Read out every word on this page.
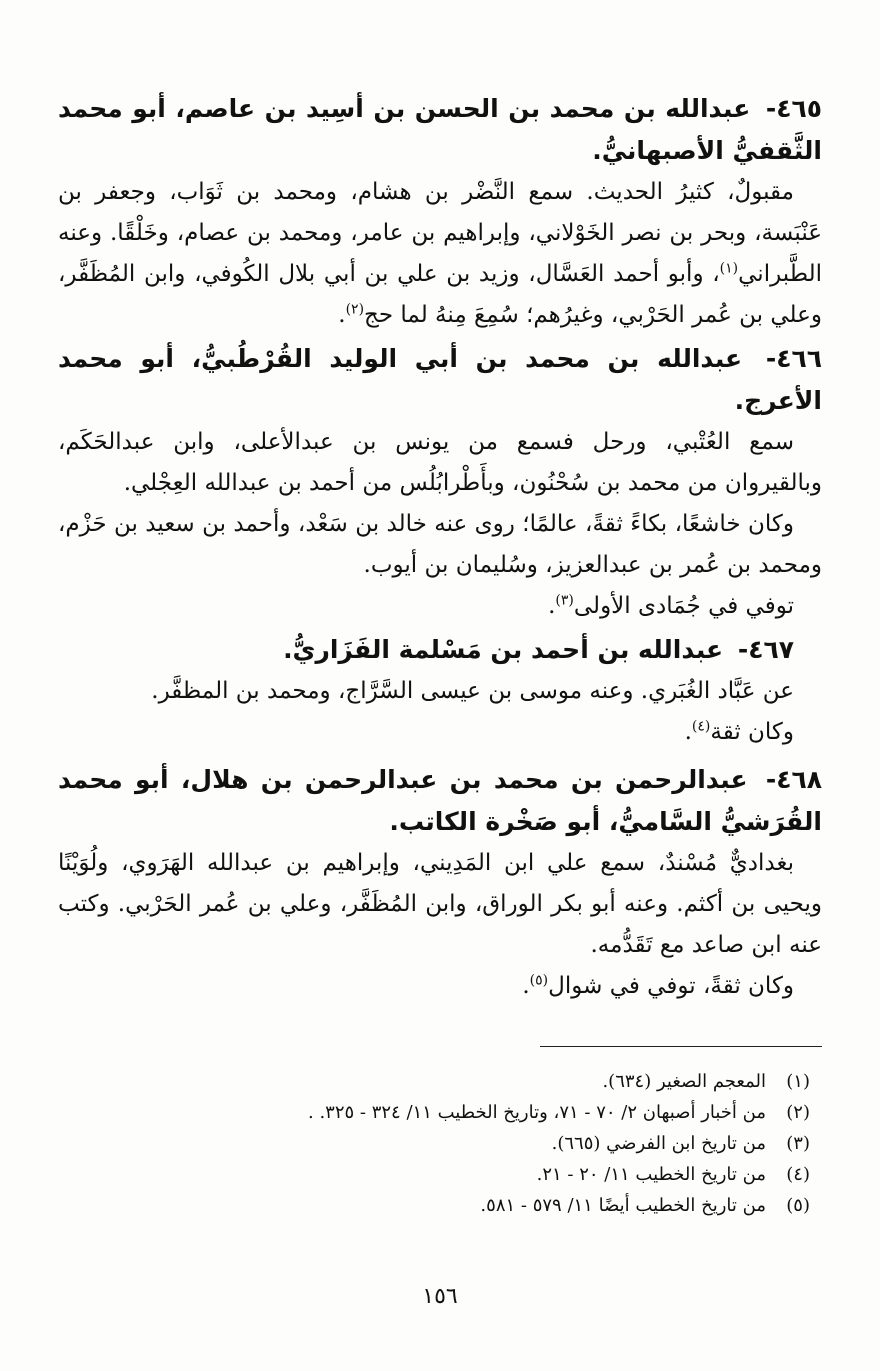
٤٦٥- عبدالله بن محمد بن الحسن بن أسِيد بن عاصم، أبو محمد الثَّقفيُّ الأصبهانيُّ.

مقبولٌ، كثيرُ الحديث. سمع النَّضْر بن هشام، ومحمد بن ثَوَاب، وجعفر بن عَنْبَسة، وبحر بن نصر الخَوْلاني، وإبراهيم بن عامر، ومحمد بن عصام، وخَلْقًا. وعنه الطَّبراني$^{(١)}$، وأبو أحمد العَسَّال، وزيد بن علي بن أبي بلال الكُوفي، وابن المُظَفَّر، وعلي بن عُمر الحَرْبي، وغيرُهم؛ سُمِعَ مِنهُ لما حج$^{(٢)}$.

٤٦٦- عبدالله بن محمد بن أبي الوليد القُرْطُبيُّ، أبو محمد الأعرج.

سمع العُتْبي، ورحل فسمع من يونس بن عبدالأعلى، وابن عبدالحَكَم، وبالقيروان من محمد بن سُحْنُون، وبأَطْرابُلُس من أحمد بن عبدالله العِجْلي.

وكان خاشعًا، بكاءً ثقةً، عالمًا؛ روى عنه خالد بن سَعْد، وأحمد بن سعيد بن حَزْم، ومحمد بن عُمر بن عبدالعزيز، وسُليمان بن أيوب.

توفي في جُمَادى الأولى$^{(٣)}$.

٤٦٧- عبدالله بن أحمد بن مَسْلمة الفَزَاريُّ.

عن عَبَّاد الغُبَري. وعنه موسى بن عيسى السَّرَّاج، ومحمد بن المظفَّر.

وكان ثقة$^{(٤)}$.

٤٦٨- عبدالرحمن بن محمد بن عبدالرحمن بن هلال، أبو محمد القُرَشيُّ السَّاميُّ، أبو صَخْرة الكاتب.

بغداديٌّ مُسْندٌ، سمع علي ابن المَدِيني، وإبراهيم بن عبدالله الهَرَوي، ولُوَيْنًا ويحيى بن أكثم. وعنه أبو بكر الوراق، وابن المُظَفَّر، وعلي بن عُمر الحَرْبي. وكتب عنه ابن صاعد مع تَقَدُّمه.

وكان ثقةً، توفي في شوال$^{(٥)}$.

(١)
المعجم الصغير (٦٣٤).
(٢)
من أخبار أصبهان ٢/ ٧٠ - ٧١، وتاريخ الخطيب ١١/ ٣٢٤ - ٣٢٥. .
(٣)
من تاريخ ابن الفرضي (٦٦٥).
(٤)
من تاريخ الخطيب ١١/ ٢٠ - ٢١.
(٥)
من تاريخ الخطيب أيضًا ١١/ ٥٧٩ - ٥٨١.
١٥٦
